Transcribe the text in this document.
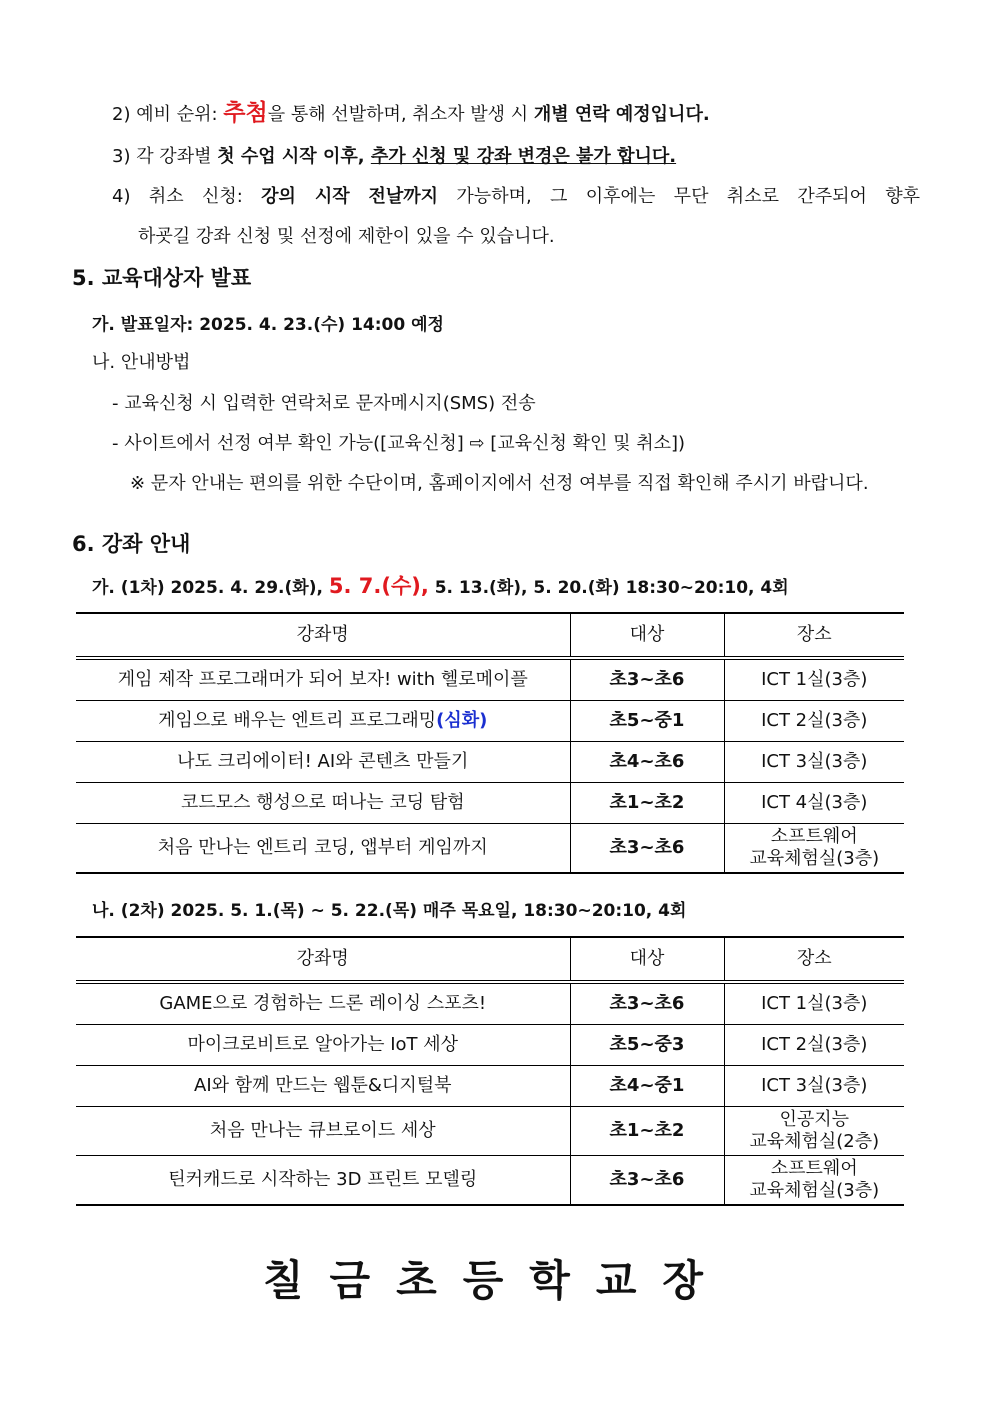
2) 예비 순위: 추첨을 통해 선발하며, 취소자 발생 시 개별 연락 예정입니다.
3) 각 강좌별 첫 수업 시작 이후, 추가 신청 및 강좌 변경은 불가 합니다.
4) 취소 신청: 강의 시작 전날까지 가능하며, 그 이후에는 무단 취소로 간주되어 향후
하굣길 강좌 신청 및 선정에 제한이 있을 수 있습니다.
5. 교육대상자 발표
가. 발표일자: 2025. 4. 23.(수) 14:00 예정
나. 안내방법
- 교육신청 시 입력한 연락처로 문자메시지(SMS) 전송
- 사이트에서 선정 여부 확인 가능([교육신청] ⇨ [교육신청 확인 및 취소])
※ 문자 안내는 편의를 위한 수단이며, 홈페이지에서 선정 여부를 직접 확인해 주시기 바랍니다.
6. 강좌 안내
가. (1차) 2025. 4. 29.(화), 5. 7.(수), 5. 13.(화), 5. 20.(화) 18:30~20:10, 4회
강좌명	대상	장소
게임 제작 프로그래머가 되어 보자! with 헬로메이플	초3~초6	ICT 1실(3층)
게임으로 배우는 엔트리 프로그래밍(심화)	초5~중1	ICT 2실(3층)
나도 크리에이터! AI와 콘텐츠 만들기	초4~초6	ICT 3실(3층)
코드모스 행성으로 떠나는 코딩 탐험	초1~초2	ICT 4실(3층)
처음 만나는 엔트리 코딩, 앱부터 게임까지	초3~초6	소프트웨어
교육체험실(3층)
나. (2차) 2025. 5. 1.(목) ~ 5. 22.(목) 매주 목요일, 18:30~20:10, 4회
강좌명	대상	장소
GAME으로 경험하는 드론 레이싱 스포츠!	초3~초6	ICT 1실(3층)
마이크로비트로 알아가는 IoT 세상	초5~중3	ICT 2실(3층)
AI와 함께 만드는 웹툰&디지털북	초4~중1	ICT 3실(3층)
처음 만나는 큐브로이드 세상	초1~초2	인공지능
교육체험실(2층)

틴커캐드로 시작하는 3D 프린트 모델링	초3~초6	소프트웨어
교육체험실(3층)
칠금초등학교장
